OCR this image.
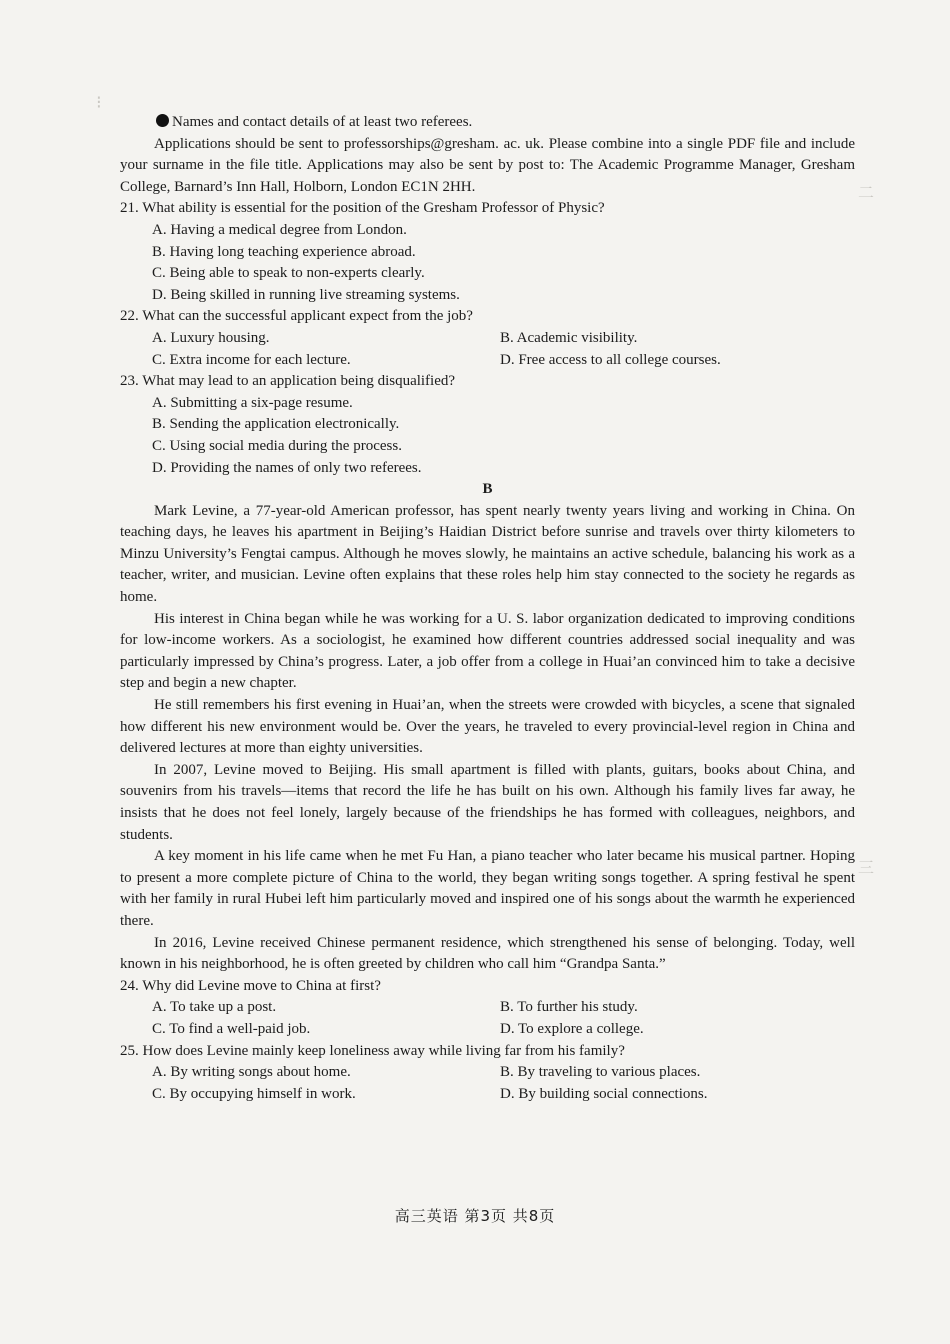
⁝
二
三

Names and contact details of at least two referees.

Applications should be sent to professorships@gresham. ac. uk. Please combine into a single PDF file and include your surname in the file title. Applications may also be sent by post to: The Academic Programme Manager, Gresham College, Barnard’s Inn Hall, Holborn, London EC1N 2HH.

21. What ability is essential for the position of the Gresham Professor of Physic?

A. Having a medical degree from London.

B. Having long teaching experience abroad.

C. Being able to speak to non-experts clearly.

D. Being skilled in running live streaming systems.

22. What can the successful applicant expect from the job?

A. Luxury housing.	B. Academic visibility.
C. Extra income for each lecture.	D. Free access to all college courses.

23. What may lead to an application being disqualified?

A. Submitting a six-page resume.

B. Sending the application electronically.

C. Using social media during the process.

D. Providing the names of only two referees.

B

Mark Levine, a 77-year-old American professor, has spent nearly twenty years living and working in China. On teaching days, he leaves his apartment in Beijing’s Haidian District before sunrise and travels over thirty kilometers to Minzu University’s Fengtai campus. Although he moves slowly, he maintains an active schedule, balancing his work as a teacher, writer, and musician. Levine often explains that these roles help him stay connected to the society he regards as home.

His interest in China began while he was working for a U. S. labor organization dedicated to improving conditions for low-income workers. As a sociologist, he examined how different countries addressed social inequality and was particularly impressed by China’s progress. Later, a job offer from a college in Huai’an convinced him to take a decisive step and begin a new chapter.

He still remembers his first evening in Huai’an, when the streets were crowded with bicycles, a scene that signaled how different his new environment would be. Over the years, he traveled to every provincial-level region in China and delivered lectures at more than eighty universities.

In 2007, Levine moved to Beijing. His small apartment is filled with plants, guitars, books about China, and souvenirs from his travels—items that record the life he has built on his own. Although his family lives far away, he insists that he does not feel lonely, largely because of the friendships he has formed with colleagues, neighbors, and students.

A key moment in his life came when he met Fu Han, a piano teacher who later became his musical partner. Hoping to present a more complete picture of China to the world, they began writing songs together. A spring festival he spent with her family in rural Hubei left him particularly moved and inspired one of his songs about the warmth he experienced there.

In 2016, Levine received Chinese permanent residence, which strengthened his sense of belonging. Today, well known in his neighborhood, he is often greeted by children who call him “Grandpa Santa.”

24. Why did Levine move to China at first?

A. To take up a post.	B. To further his study.
C. To find a well-paid job.	D. To explore a college.

25. How does Levine mainly keep loneliness away while living far from his family?

A. By writing songs about home.	B. By traveling to various places.
C. By occupying himself in work.	D. By building social connections.
高三英语 第3页 共8页
